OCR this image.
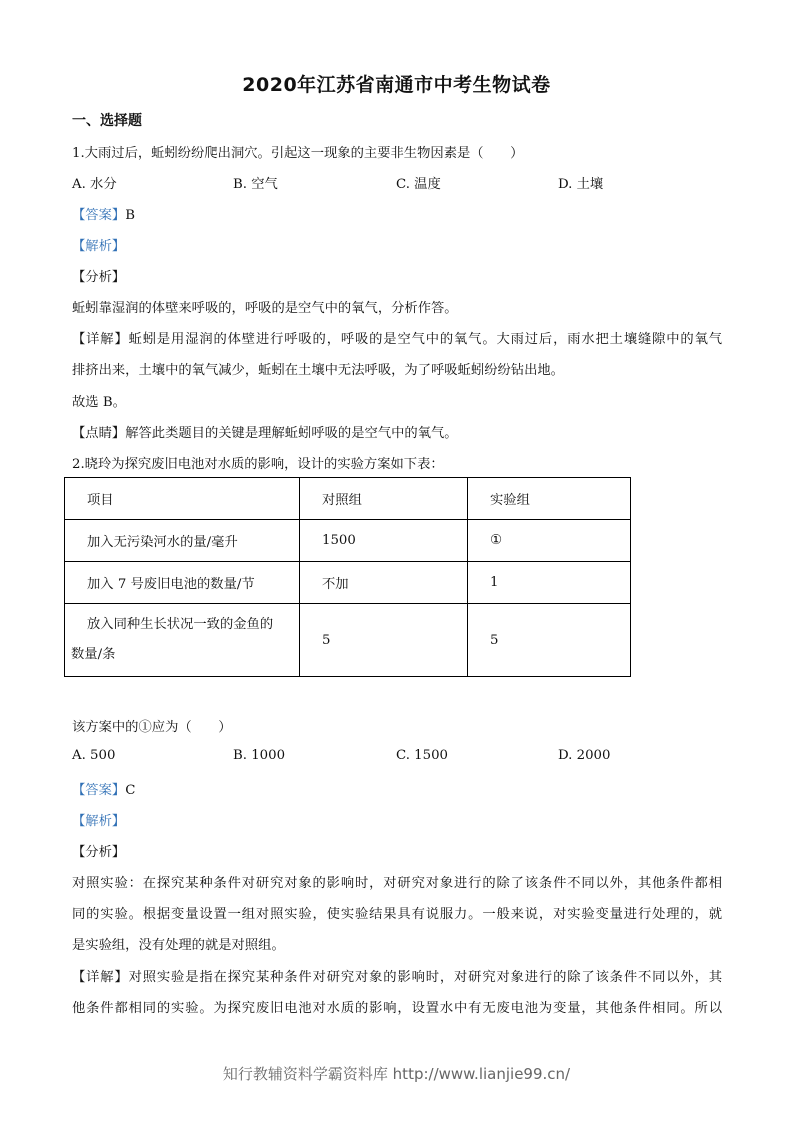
2020年江苏省南通市中考生物试卷
一、选择题
1.大雨过后，蚯蚓纷纷爬出洞穴。引起这一现象的主要非生物因素是（　　）
A. 水分	B. 空气	C. 温度	D. 土壤
【答案】B
【解析】
【分析】
蚯蚓靠湿润的体壁来呼吸的，呼吸的是空气中的氧气，分析作答。
【详解】蚯蚓是用湿润的体壁进行呼吸的，呼吸的是空气中的氧气。大雨过后，雨水把土壤缝隙中的氧气
排挤出来，土壤中的氧气减少，蚯蚓在土壤中无法呼吸，为了呼吸蚯蚓纷纷钻出地。
故选 B。
【点睛】解答此类题目的关键是理解蚯蚓呼吸的是空气中的氧气。
2.晓玲为探究废旧电池对水质的影响，设计的实验方案如下表：
项目	对照组	实验组
加入无污染河水的量/毫升	1500	①
加入 7 号废旧电池的数量/节	不加	1

放入同种生长状况一致的金鱼的
数量/条	5	5
该方案中的①应为（　　）
A. 500	B. 1000	C. 1500	D. 2000
【答案】C
【解析】
【分析】
对照实验：在探究某种条件对研究对象的影响时，对研究对象进行的除了该条件不同以外，其他条件都相
同的实验。根据变量设置一组对照实验，使实验结果具有说服力。一般来说，对实验变量进行处理的，就
是实验组，没有处理的就是对照组。
【详解】对照实验是指在探究某种条件对研究对象的影响时，对研究对象进行的除了该条件不同以外，其
他条件都相同的实验。为探究废旧电池对水质的影响，设置水中有无废电池为变量，其他条件相同。所以
知行教辅资料学霸资料库 http://www.lianjie99.cn/
